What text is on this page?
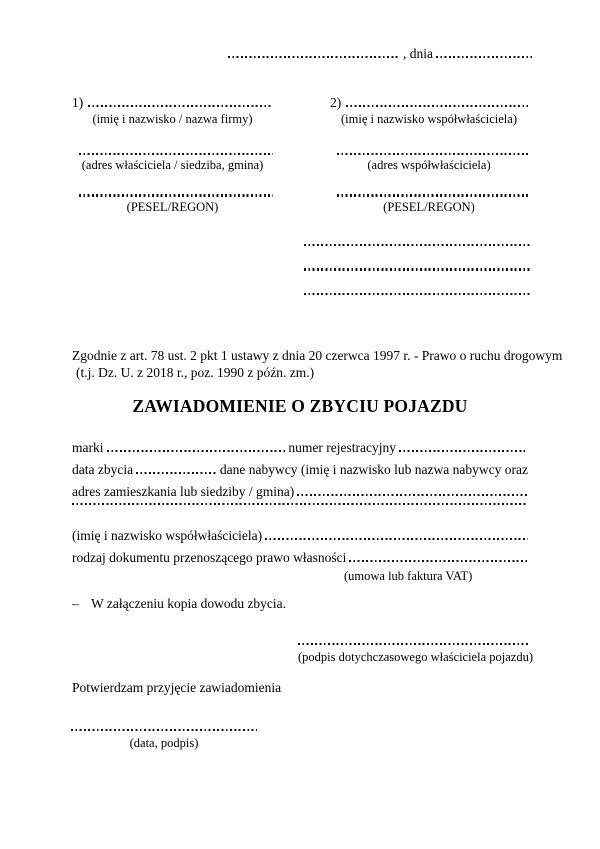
, dnia
1)
(imię i nazwisko / nazwa firmy)
(adres właściciela / siedziba, gmina)
(PESEL/REGON)
2)
(imię i nazwisko współwłaściciela)
(adres współwłaściciela)
(PESEL/REGON)
Zgodnie z art. 78 ust. 2 pkt 1 ustawy z dnia 20 czerwca 1997 r. - Prawo o ruchu drogowym
(t.j. Dz. U. z 2018 r., poz. 1990 z późn. zm.)
ZAWIADOMIENIE O ZBYCIU POJAZDU
marki	numer rejestracyjny
data zbycia	dane nabywcy (imię i nazwisko lub nazwa nabywcy oraz
adres zamieszkania lub siedziby / gmina)
(imię i nazwisko współwłaściciela)
rodzaj dokumentu przenoszącego prawo własności
(umowa lub faktura VAT)
– W załączeniu kopia dowodu zbycia.
(podpis dotychczasowego właściciela pojazdu)
Potwierdzam przyjęcie zawiadomienia
(data, podpis)
